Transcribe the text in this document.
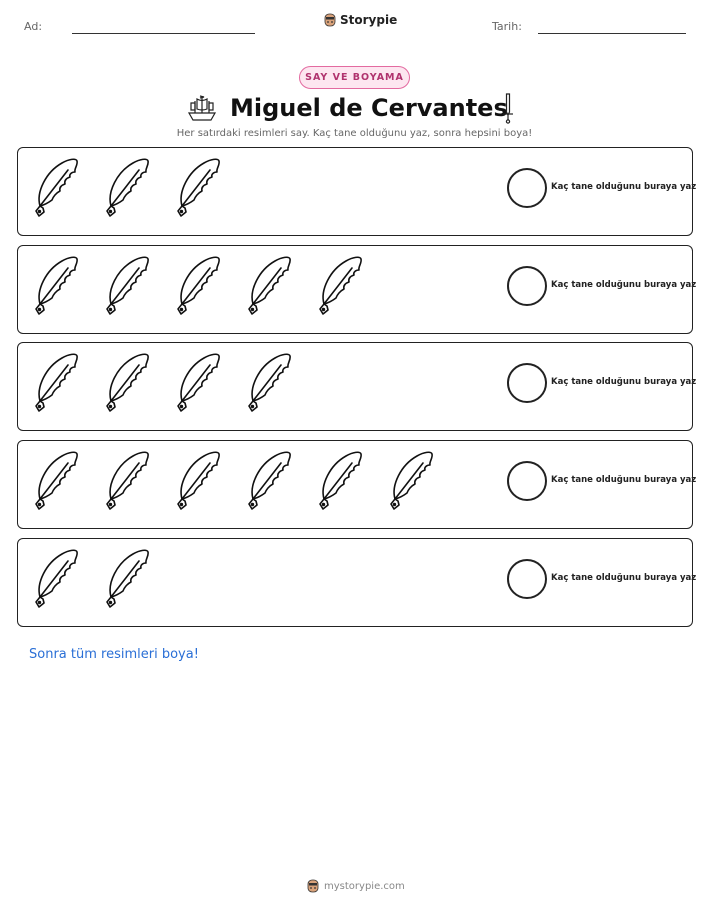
Ad:	Storypie	Tarih:
SAY VE BOYAMA
Miguel de Cervantes
Her satırdaki resimleri say. Kaç tane olduğunu yaz, sonra hepsini boya!
Kaç tane olduğunu buraya yaz
Kaç tane olduğunu buraya yaz
Kaç tane olduğunu buraya yaz
Kaç tane olduğunu buraya yaz
Kaç tane olduğunu buraya yaz
Sonra tüm resimleri boya!
mystorypie.com
